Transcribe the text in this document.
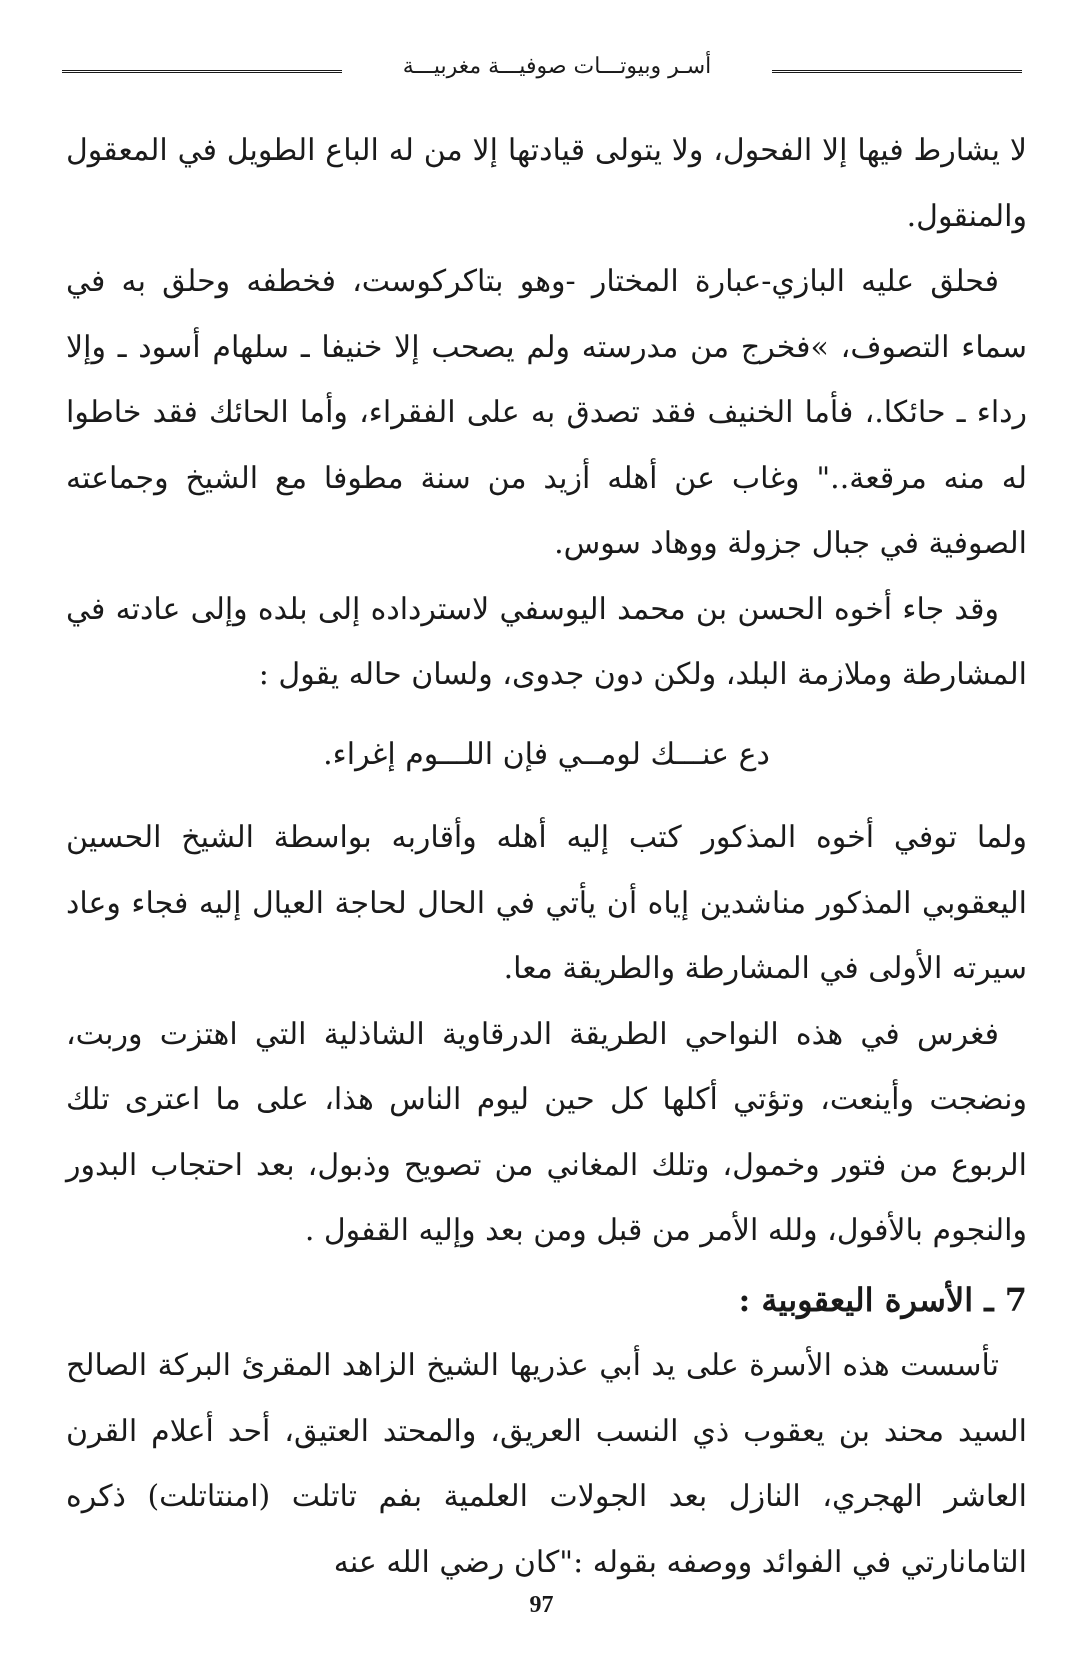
أسـر وبيوتـــات صوفيـــة مغربيـــة

لا يشارط فيها إلا الفحول، ولا يتولى قيادتها إلا من له الباع الطويل في المعقول والمنقول.

فحلق عليه البازي-عبارة المختار -وهو بتاكركوست، فخطفه وحلق به في سماء التصوف، »فخرج من مدرسته ولم يصحب إلا خنيفا ـ سلهام أسود ـ وإلا رداء ـ حائكا.، فأما الخنيف فقد تصدق به على الفقراء، وأما الحائك فقد خاطوا له منه مرقعة.." وغاب عن أهله أزيد من سنة مطوفا مع الشيخ وجماعته الصوفية في جبال جزولة ووهاد سوس.

وقد جاء أخوه الحسن بن محمد اليوسفي لاسترداده إلى بلده وإلى عادته في المشارطة وملازمة البلد، ولكن دون جدوى، ولسان حاله يقول :

دع عنـــك لومــي فإن اللـــوم إغراء.

ولما توفي أخوه المذكور كتب إليه أهله وأقاربه بواسطة الشيخ الحسين اليعقوبي المذكور مناشدين إياه أن يأتي في الحال لحاجة العيال إليه فجاء وعاد سيرته الأولى في المشارطة والطريقة معا.

فغرس في هذه النواحي الطريقة الدرقاوية الشاذلية التي اهتزت وربت، ونضجت وأينعت، وتؤتي أكلها كل حين ليوم الناس هذا، على ما اعترى تلك الربوع من فتور وخمول، وتلك المغاني من تصويح وذبول، بعد احتجاب البدور والنجوم بالأفول، ولله الأمر من قبل ومن بعد وإليه القفول .

7 ـ الأسرة اليعقوبية :

تأسست هذه الأسرة على يد أبي عذريها الشيخ الزاهد المقرئ البركة الصالح السيد محند بن يعقوب ذي النسب العريق، والمحتد العتيق، أحد أعلام القرن العاشر الهجري، النازل بعد الجولات العلمية بفم تاتلت (امنتاتلت) ذكره التامانارتي في الفوائد ووصفه بقوله :"كان رضي الله عنه

97
